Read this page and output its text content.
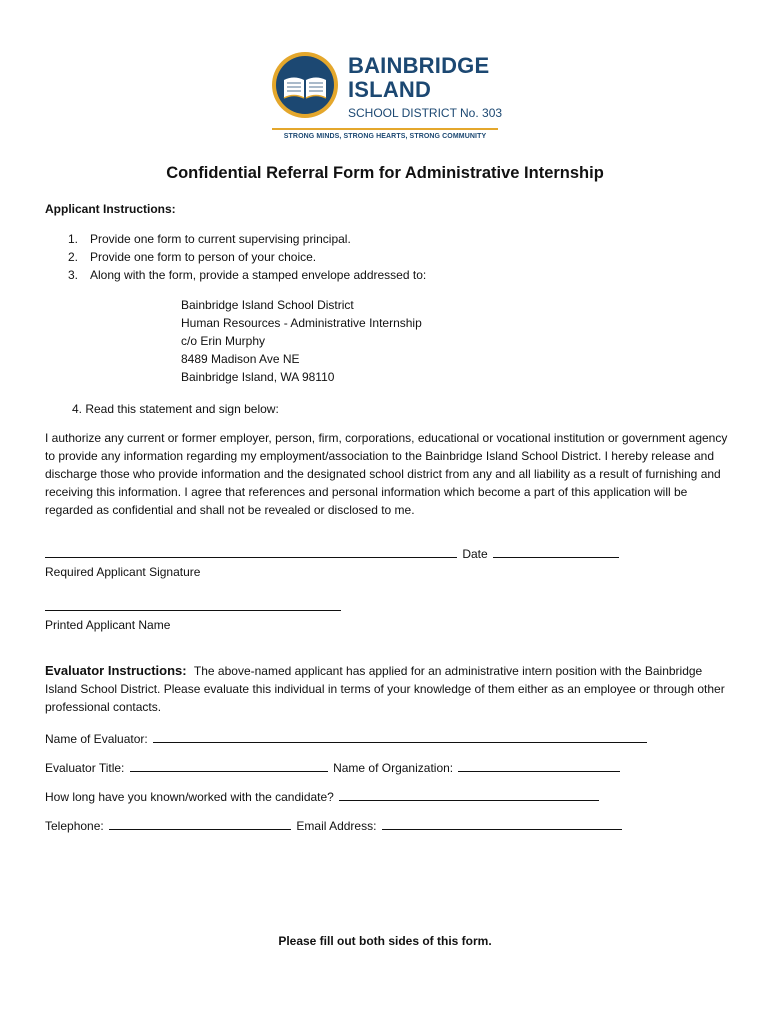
BAINBRIDGE
ISLAND
SCHOOL DISTRICT No. 303
STRONG MINDS, STRONG HEARTS, STRONG COMMUNITY
Confidential Referral Form for Administrative Internship
Applicant Instructions:
1. Provide one form to current supervising principal.
2. Provide one form to person of your choice.
3. Along with the form, provide a stamped envelope addressed to:
Bainbridge Island School District
Human Resources - Administrative Internship
c/o Erin Murphy
8489 Madison Ave NE
Bainbridge Island, WA 98110
4. Read this statement and sign below:
I authorize any current or former employer, person, firm, corporations, educational or vocational institution or government agency to provide any information regarding my employment/association to the Bainbridge Island School District. I hereby release and discharge those who provide information and the designated school district from any and all liability as a result of furnishing and receiving this information. I agree that references and personal information which become a part of this application will be regarded as confidential and shall not be revealed or disclosed to me.
Date
Required Applicant Signature
Printed Applicant Name
Evaluator Instructions: The above-named applicant has applied for an administrative intern position with the Bainbridge Island School District. Please evaluate this individual in terms of your knowledge of them either as an employee or through other professional contacts.
Name of Evaluator:
Evaluator Title:	Name of Organization:
How long have you known/worked with the candidate?
Telephone:	Email Address:
Please fill out both sides of this form.
